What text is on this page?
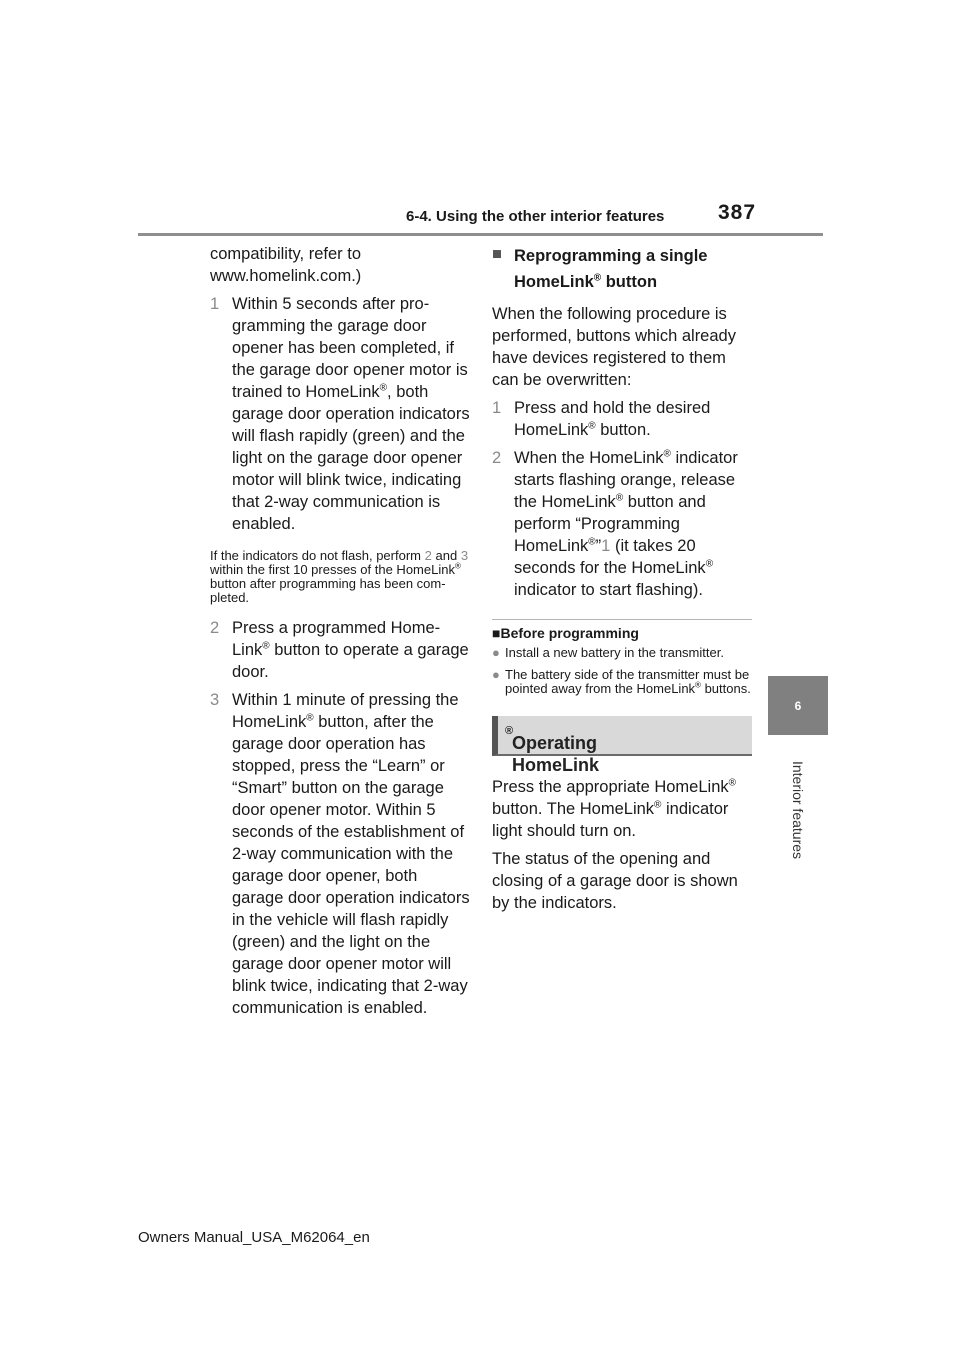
6-4. Using the other interior features	387
6
Interior features

compatibility, refer to www.homelink.com.)

1 Within 5 seconds after programming the garage door opener has been completed, if the garage door opener motor is trained to HomeLink®, both garage door operation indicators will flash rapidly (green) and the light on the garage door opener motor will blink twice, indicating that 2-way communication is enabled.

If the indicators do not flash, perform 2 and 3 within the first 10 presses of the HomeLink® button after programming has been completed.

2 Press a programmed HomeLink® button to operate a garage door.
3 Within 1 minute of pressing the HomeLink® button, after the garage door operation has stopped, press the “Learn” or “Smart” button on the garage door opener motor. Within 5 seconds of the establishment of 2-way communication with the garage door opener, both garage door operation indicators in the vehicle will flash rapidly (green) and the light on the garage door opener motor will blink twice, indicating that 2-way communication is enabled.
■ Reprogramming a single HomeLink® button

When the following procedure is performed, buttons which already have devices registered to them can be overwritten:

1 Press and hold the desired HomeLink® button.
2 When the HomeLink® indicator starts flashing orange, release the HomeLink® button and perform “Programming HomeLink®”1 (it takes 20 seconds for the HomeLink® indicator to start flashing).

■Before programming

● Install a new battery in the transmitter.
● The battery side of the transmitter must be pointed away from the HomeLink® buttons.
Operating HomeLink
®

Press the appropriate HomeLink® button. The HomeLink® indicator light should turn on.

The status of the opening and closing of a garage door is shown by the indicators.

Owners Manual_USA_M62064_en
